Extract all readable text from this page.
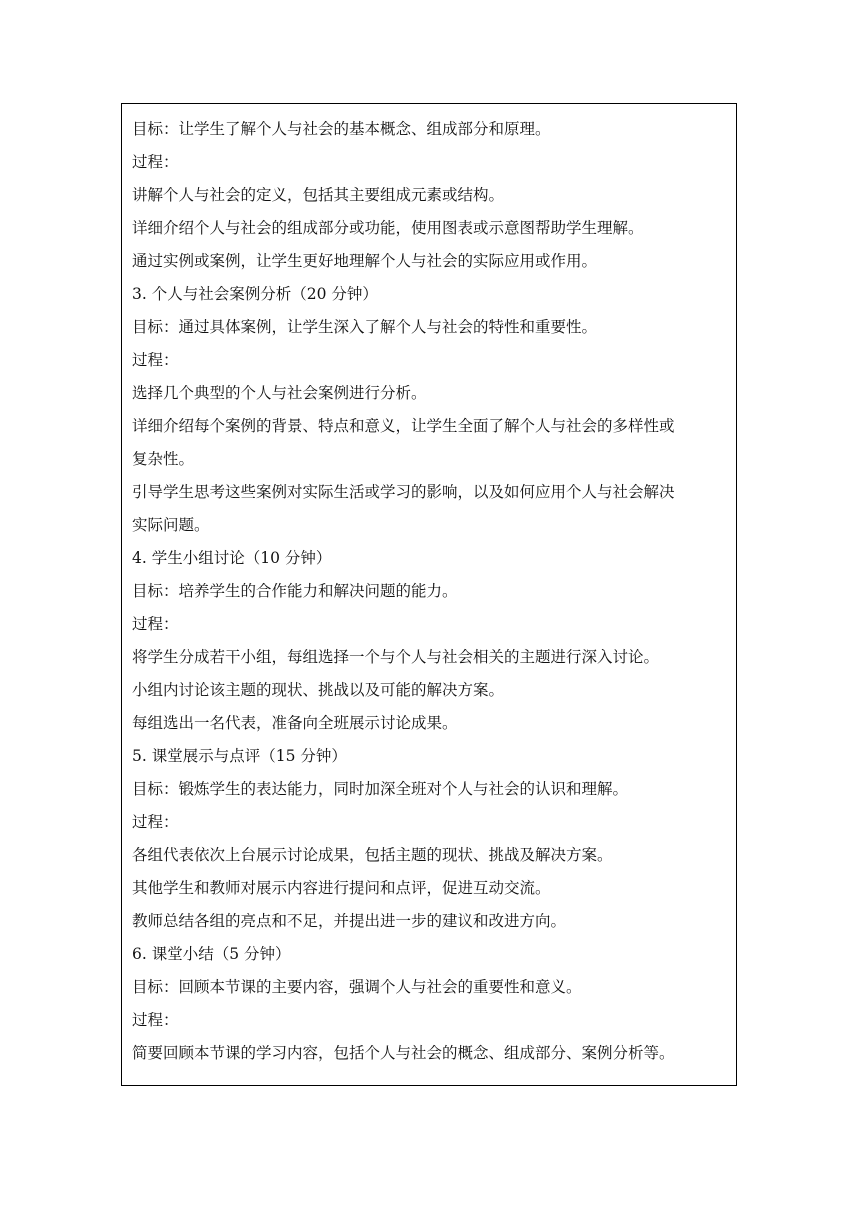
目标：让学生了解个人与社会的基本概念、组成部分和原理。

过程：

讲解个人与社会的定义，包括其主要组成元素或结构。

详细介绍个人与社会的组成部分或功能，使用图表或示意图帮助学生理解。

通过实例或案例，让学生更好地理解个人与社会的实际应用或作用。

3. 个人与社会案例分析（20 分钟）

目标：通过具体案例，让学生深入了解个人与社会的特性和重要性。

过程：

选择几个典型的个人与社会案例进行分析。

详细介绍每个案例的背景、特点和意义，让学生全面了解个人与社会的多样性或

复杂性。

引导学生思考这些案例对实际生活或学习的影响，以及如何应用个人与社会解决

实际问题。

4. 学生小组讨论（10 分钟）

目标：培养学生的合作能力和解决问题的能力。

过程：

将学生分成若干小组，每组选择一个与个人与社会相关的主题进行深入讨论。

小组内讨论该主题的现状、挑战以及可能的解决方案。

每组选出一名代表，准备向全班展示讨论成果。

5. 课堂展示与点评（15 分钟）

目标：锻炼学生的表达能力，同时加深全班对个人与社会的认识和理解。

过程：

各组代表依次上台展示讨论成果，包括主题的现状、挑战及解决方案。

其他学生和教师对展示内容进行提问和点评，促进互动交流。

教师总结各组的亮点和不足，并提出进一步的建议和改进方向。

6. 课堂小结（5 分钟）

目标：回顾本节课的主要内容，强调个人与社会的重要性和意义。

过程：

简要回顾本节课的学习内容，包括个人与社会的概念、组成部分、案例分析等。
